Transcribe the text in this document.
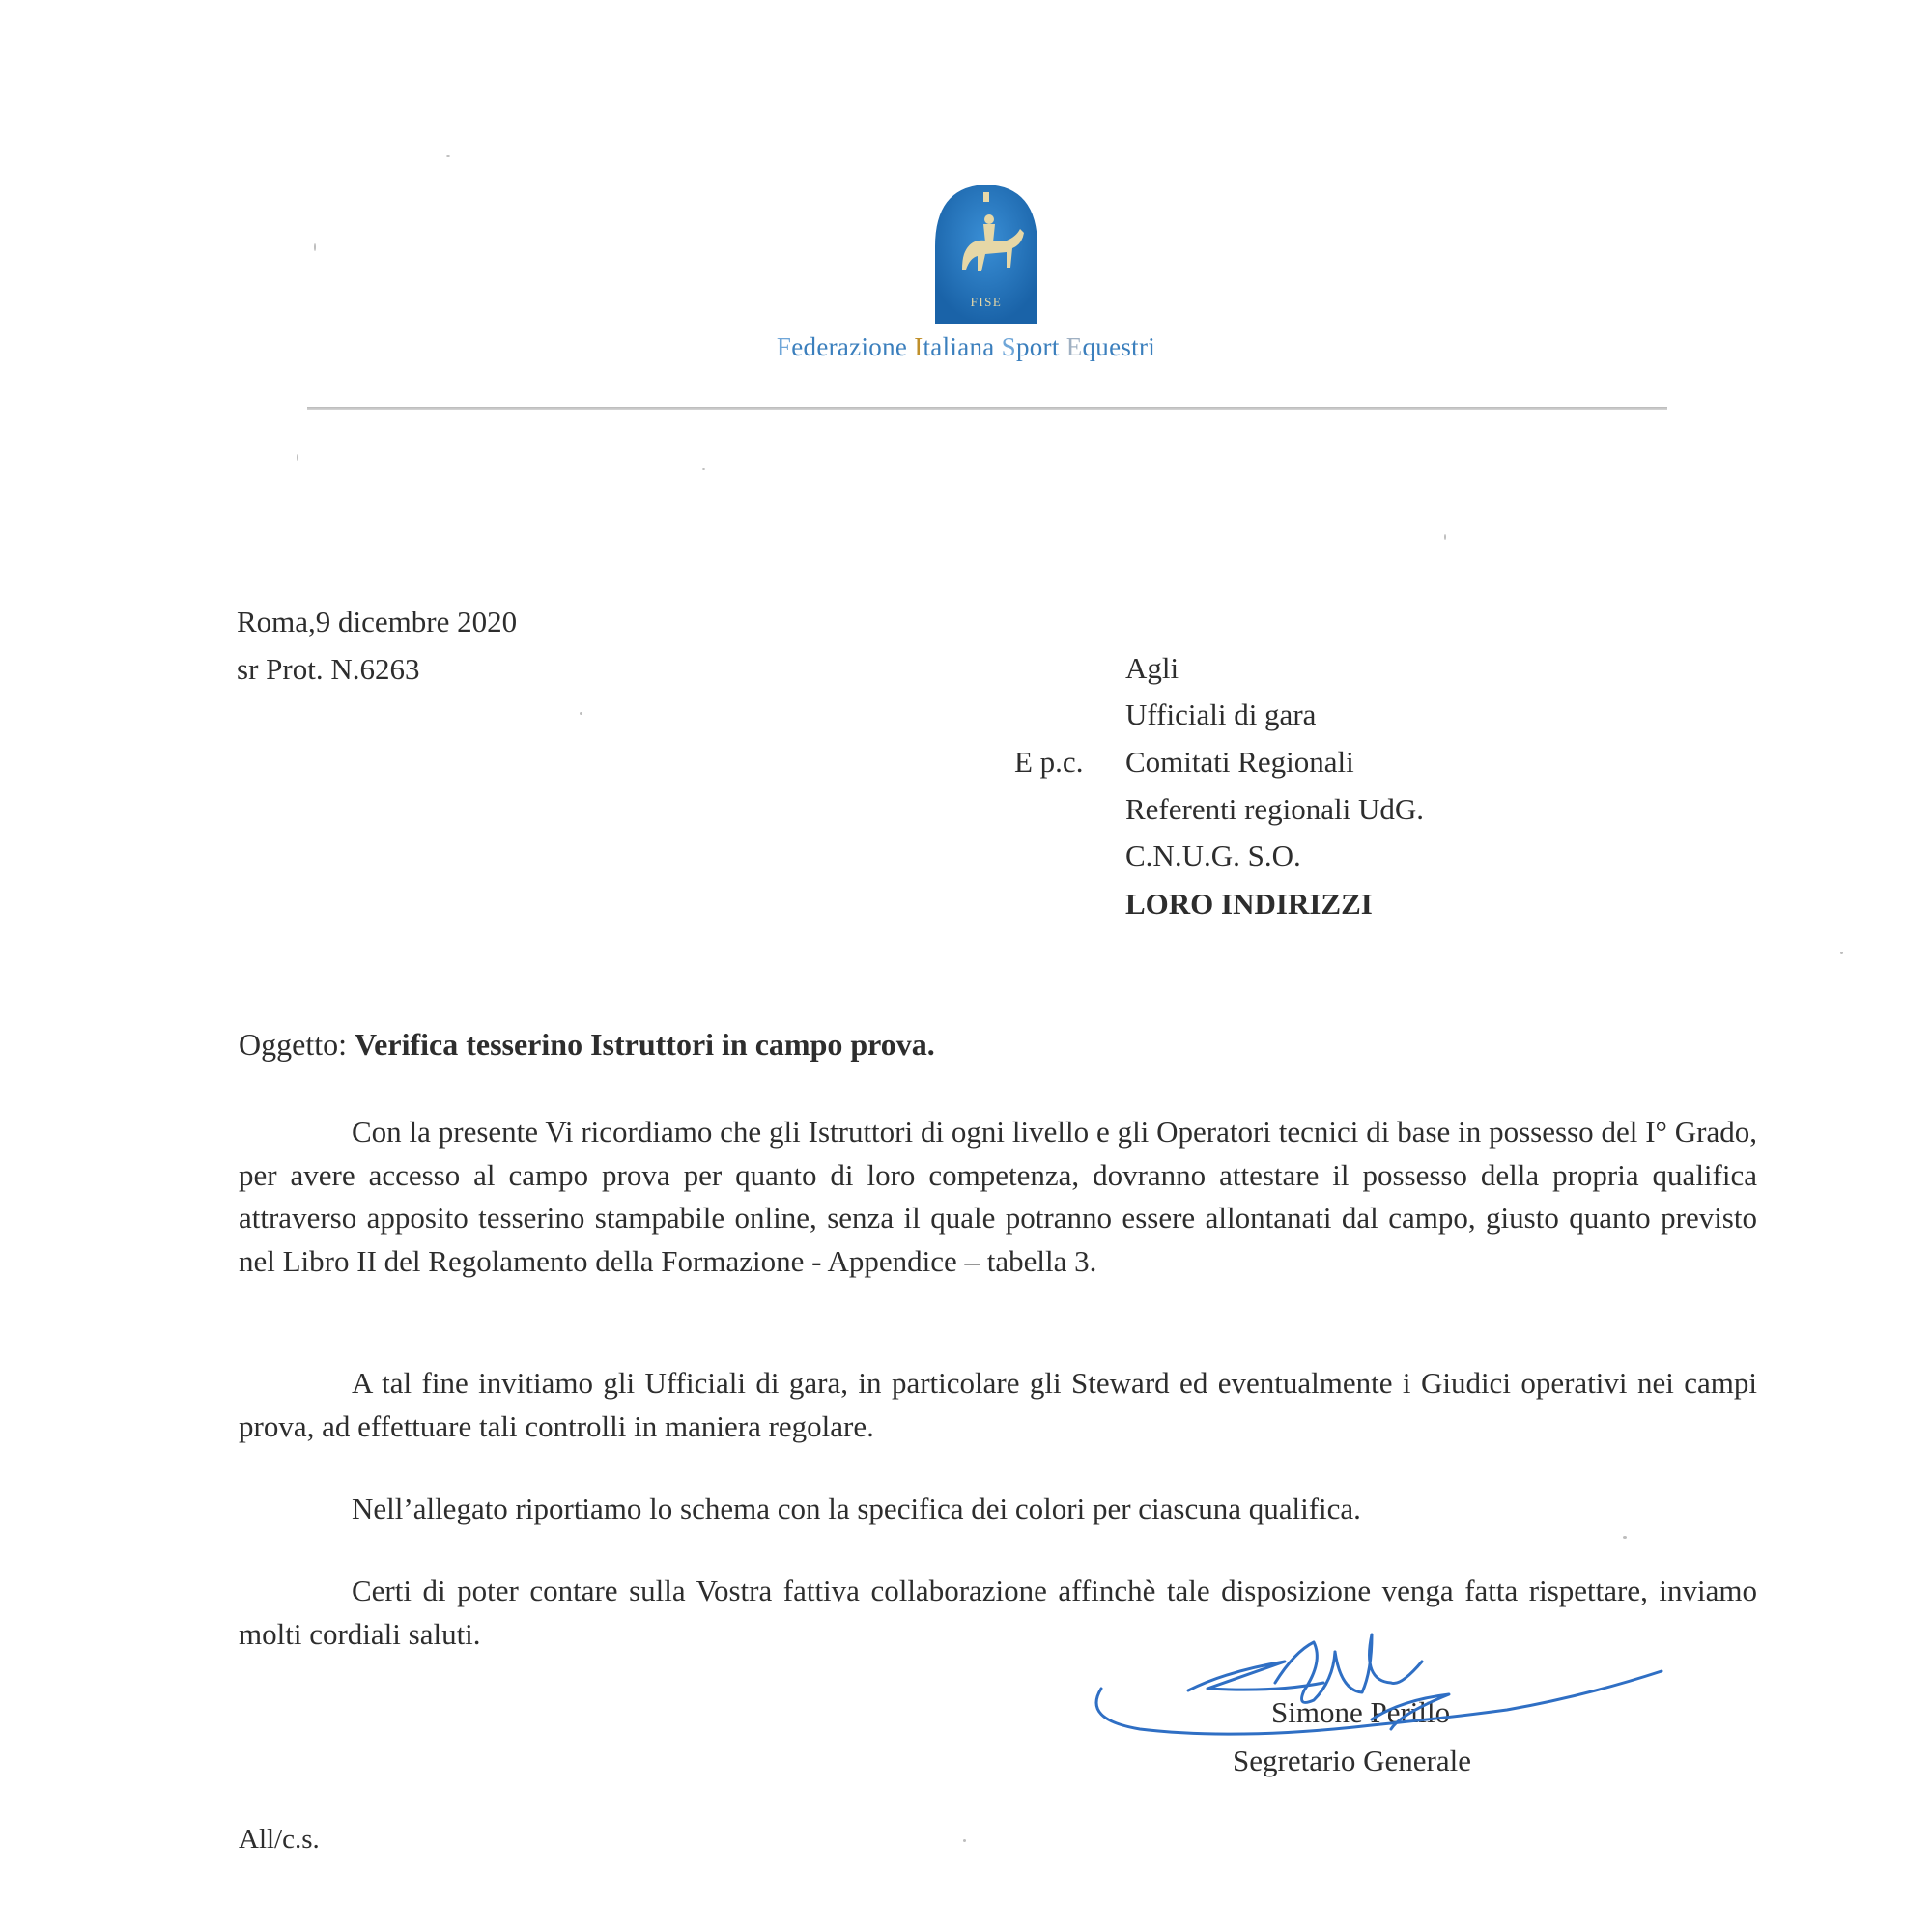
FISE
Federazione Italiana Sport Equestri
Roma,9 dicembre 2020
sr Prot. N.6263	Agli
Ufficiali di gara
E p.c. Comitati Regionali
Referenti regionali UdG.
C.N.U.G. S.O.
LORO INDIRIZZI
Oggetto: Verifica tesserino Istruttori in campo prova.

Con la presente Vi ricordiamo che gli Istruttori di ogni livello e gli Operatori tecnici di base in possesso del I° Grado, per avere accesso al campo prova per quanto di loro competenza, dovranno attestare il possesso della propria qualifica attraverso apposito tesserino stampabile online, senza il quale potranno essere allontanati dal campo, giusto quanto previsto nel Libro II del Regolamento della Formazione - Appendice – tabella 3.

A tal fine invitiamo gli Ufficiali di gara, in particolare gli Steward ed eventualmente i Giudici operativi nei campi prova, ad effettuare tali controlli in maniera regolare.

Nell’allegato riportiamo lo schema con la specifica dei colori per ciascuna qualifica.

Certi di poter contare sulla Vostra fattiva collaborazione affinchè tale disposizione venga fatta rispettare, inviamo molti cordiali saluti.

Simone Perillo
Segretario Generale
All/c.s.
